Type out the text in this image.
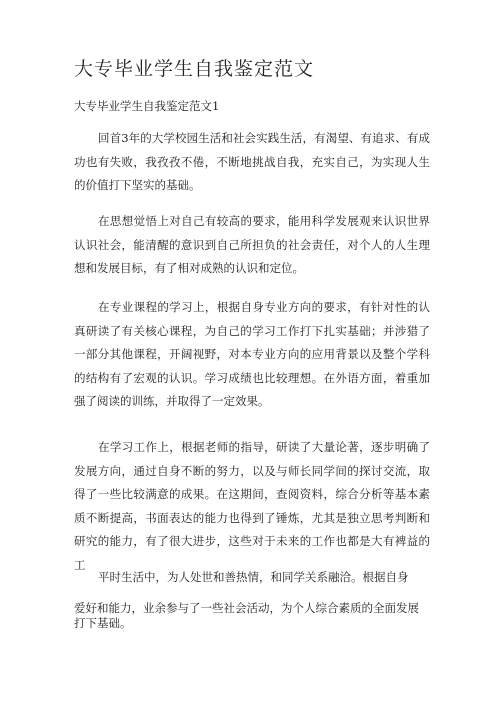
大专毕业学生自我鉴定范文

大专毕业学生自我鉴定范文1

回首3年的大学校园生活和社会实践生活，有渴望、有追求、有成功也有失败，我孜孜不倦，不断地挑战自我，充实自己，为实现人生的价值打下坚实的基础。

在思想觉悟上对自己有较高的要求，能用科学发展观来认识世界认识社会，能清醒的意识到自己所担负的社会责任，对个人的人生理想和发展目标，有了相对成熟的认识和定位。

在专业课程的学习上，根据自身专业方向的要求，有针对性的认真研读了有关核心课程，为自己的学习工作打下扎实基础；并涉猎了一部分其他课程，开阔视野，对本专业方向的应用背景以及整个学科的结构有了宏观的认识。学习成绩也比较理想。在外语方面，着重加强了阅读的训练，并取得了一定效果。

在学习工作上，根据老师的指导，研读了大量论著，逐步明确了发展方向，通过自身不断的努力，以及与师长同学间的探讨交流，取得了一些比较满意的成果。在这期间，查阅资料，综合分析等基本素质不断提高，书面表达的能力也得到了锤炼，尤其是独立思考判断和研究的能力，有了很大进步，这些对于未来的工作也都是大有裨益的工

平时生活中，为人处世和善热情，和同学关系融洽。根据自身

爱好和能力，业余参与了一些社会活动，为个人综合素质的全面发展打下基础。
